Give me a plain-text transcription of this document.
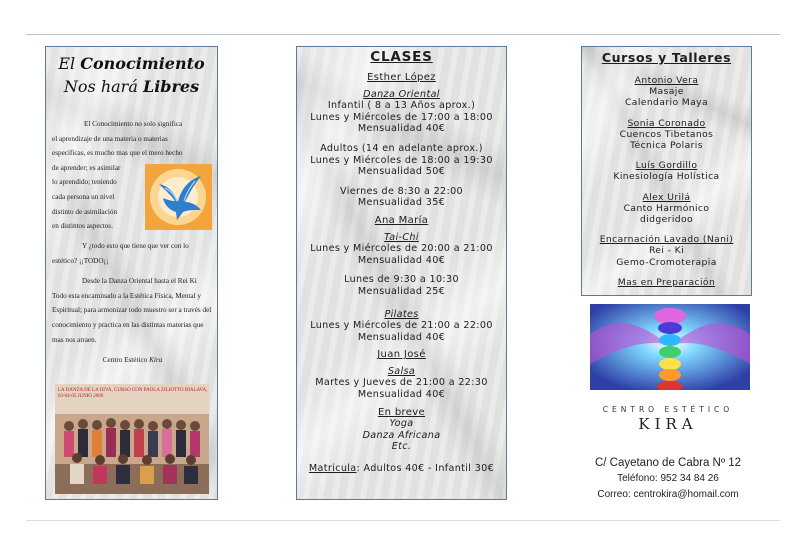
El Conocimiento
Nos hará Libres
El Conocimiento no solo significa
el aprendizaje de una materia o materias
específicas, es mucho mas que el mero hecho
de aprender; es asimilar
lo aprendido; teniendo
cada persona un nivel
distinto de asimilación
en distintos aspectos.

Y ¿todo esto que tiene que ver con lo estético? ¡¡TODO¡¡

Desde la Danza Oriental hasta el Rei Ki Todo esta encaminado a la Estética Física, Mental y Espiritual; para armonizar todo muestro ser a través del conocimiento y practica en las distintas materias que mas nos atraen.

Centro Estético Kira
LA DANZA DE LA DIVA, CURSO CON PAOLA ZILIOTTO BIALAVA, 03-04-05 JUNIO 2006
CLASES
Esther López
Danza Oriental
Infantil ( 8 a 13 Años aprox.)
Lunes y Miércoles de 17:00 a 18:00
Mensualidad 40€
Adultos (14 en adelante aprox.)
Lunes y Miércoles de 18:00 a 19:30
Mensualidad 50€
Viernes de 8:30 a 22:00
Mensualidad 35€
Ana María
Tai-Chi
Lunes y Miércoles de 20:00 a 21:00
Mensualidad 40€
Lunes de 9:30 a 10:30
Mensualidad 25€
Pilates
Lunes y Miércoles de 21:00 a 22:00
Mensualidad 40€
Juan José
Salsa
Martes y Jueves de 21:00 a 22:30
Mensualidad 40€
En breve
Yoga
Danza Africana
Etc.
Matricula: Adultos 40€ - Infantil 30€
Cursos y Talleres
Antonio Vera
Masaje
Calendario Maya
Sonia Coronado
Cuencos Tibetanos
Técnica Polaris
Luís Gordillo
Kinesiología Holística
Alex Urilá
Canto Harmónico
didgeridoo
Encarnación Lavado (Nani)
Rei - Ki
Gemo-Cromoterapia
Mas en Preparación
CENTRO ESTÉTICO
KIRA
C/ Cayetano de Cabra Nº 12
Teléfono: 952 34 84 26
Correo: centrokira@homail.com
